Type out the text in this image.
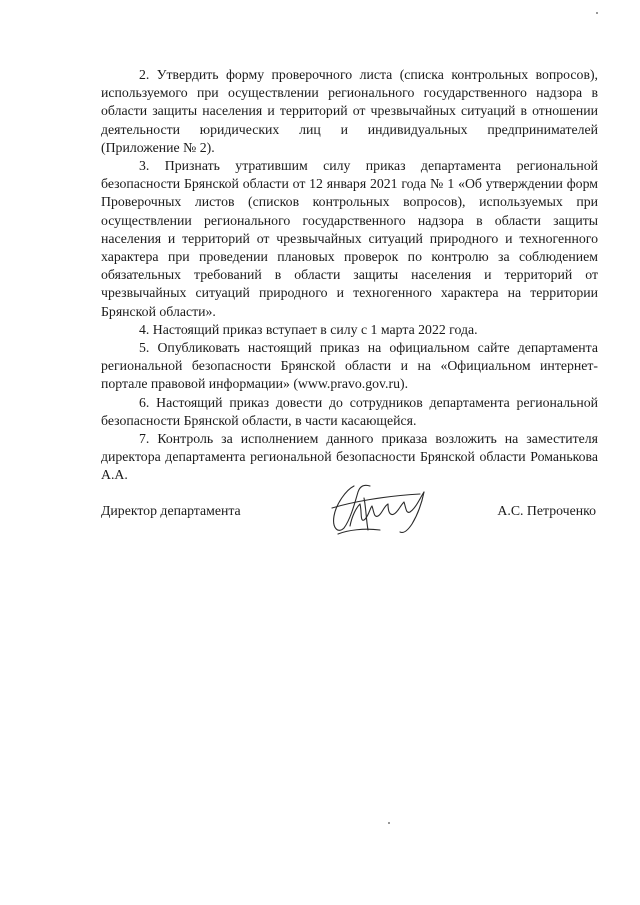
2. Утвердить форму проверочного листа (списка контрольных вопросов), используемого при осуществлении регионального государственного надзора в области защиты населения и территорий от чрезвычайных ситуаций в отношении деятельности юридических лиц и индивидуальных предпринимателей (Приложение № 2).

3. Признать утратившим силу приказ департамента региональной безопасности Брянской области от 12 января 2021 года № 1 «Об утверждении форм Проверочных листов (списков контрольных вопросов), используемых при осуществлении регионального государственного надзора в области защиты населения и территорий от чрезвычайных ситуаций природного и техногенного характера при проведении плановых проверок по контролю за соблюдением обязательных требований в области защиты населения и территорий от чрезвычайных ситуаций природного и техногенного характера на территории Брянской области».

4. Настоящий приказ вступает в силу с 1 марта 2022 года.

5. Опубликовать настоящий приказ на официальном сайте департамента региональной безопасности Брянской области и на «Официальном интернет-портале правовой информации» (www.pravo.gov.ru).

6. Настоящий приказ довести до сотрудников департамента региональной безопасности Брянской области, в части касающейся.

7. Контроль за исполнением данного приказа возложить на заместителя директора департамента региональной безопасности Брянской области Романькова А.А.

Директор департамента	А.С. Петроченко
